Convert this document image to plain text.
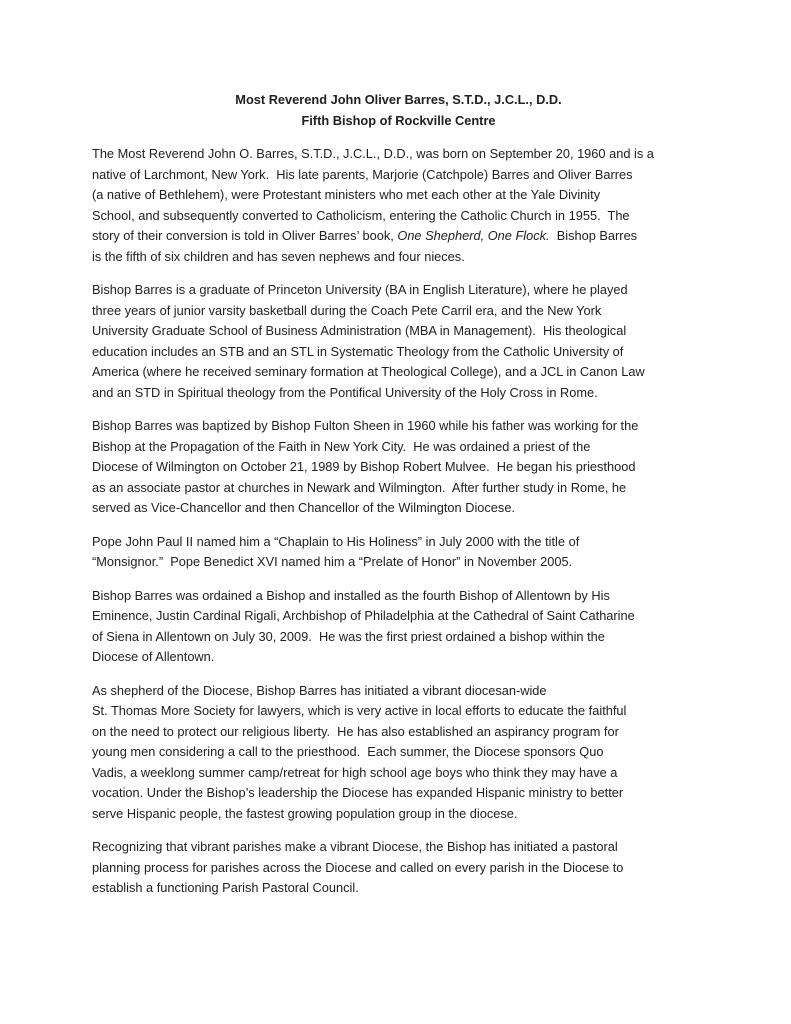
Most Reverend John Oliver Barres, S.T.D., J.C.L., D.D.
Fifth Bishop of Rockville Centre

The Most Reverend John O. Barres, S.T.D., J.C.L., D.D., was born on September 20, 1960 and is a
native of Larchmont, New York.  His late parents, Marjorie (Catchpole) Barres and Oliver Barres
(a native of Bethlehem), were Protestant ministers who met each other at the Yale Divinity
School, and subsequently converted to Catholicism, entering the Catholic Church in 1955.  The
story of their conversion is told in Oliver Barres’ book, One Shepherd, One Flock.  Bishop Barres
is the fifth of six children and has seven nephews and four nieces.

Bishop Barres is a graduate of Princeton University (BA in English Literature), where he played
three years of junior varsity basketball during the Coach Pete Carril era, and the New York
University Graduate School of Business Administration (MBA in Management).  His theological
education includes an STB and an STL in Systematic Theology from the Catholic University of
America (where he received seminary formation at Theological College), and a JCL in Canon Law
and an STD in Spiritual theology from the Pontifical University of the Holy Cross in Rome.

Bishop Barres was baptized by Bishop Fulton Sheen in 1960 while his father was working for the
Bishop at the Propagation of the Faith in New York City.  He was ordained a priest of the
Diocese of Wilmington on October 21, 1989 by Bishop Robert Mulvee.  He began his priesthood
as an associate pastor at churches in Newark and Wilmington.  After further study in Rome, he
served as Vice-Chancellor and then Chancellor of the Wilmington Diocese.

Pope John Paul II named him a “Chaplain to His Holiness” in July 2000 with the title of
“Monsignor.”  Pope Benedict XVI named him a “Prelate of Honor” in November 2005.

Bishop Barres was ordained a Bishop and installed as the fourth Bishop of Allentown by His
Eminence, Justin Cardinal Rigali, Archbishop of Philadelphia at the Cathedral of Saint Catharine
of Siena in Allentown on July 30, 2009.  He was the first priest ordained a bishop within the
Diocese of Allentown.

As shepherd of the Diocese, Bishop Barres has initiated a vibrant diocesan-wide
St. Thomas More Society for lawyers, which is very active in local efforts to educate the faithful
on the need to protect our religious liberty.  He has also established an aspirancy program for
young men considering a call to the priesthood.  Each summer, the Diocese sponsors Quo
Vadis, a weeklong summer camp/retreat for high school age boys who think they may have a
vocation. Under the Bishop’s leadership the Diocese has expanded Hispanic ministry to better
serve Hispanic people, the fastest growing population group in the diocese.

Recognizing that vibrant parishes make a vibrant Diocese, the Bishop has initiated a pastoral
planning process for parishes across the Diocese and called on every parish in the Diocese to
establish a functioning Parish Pastoral Council.
